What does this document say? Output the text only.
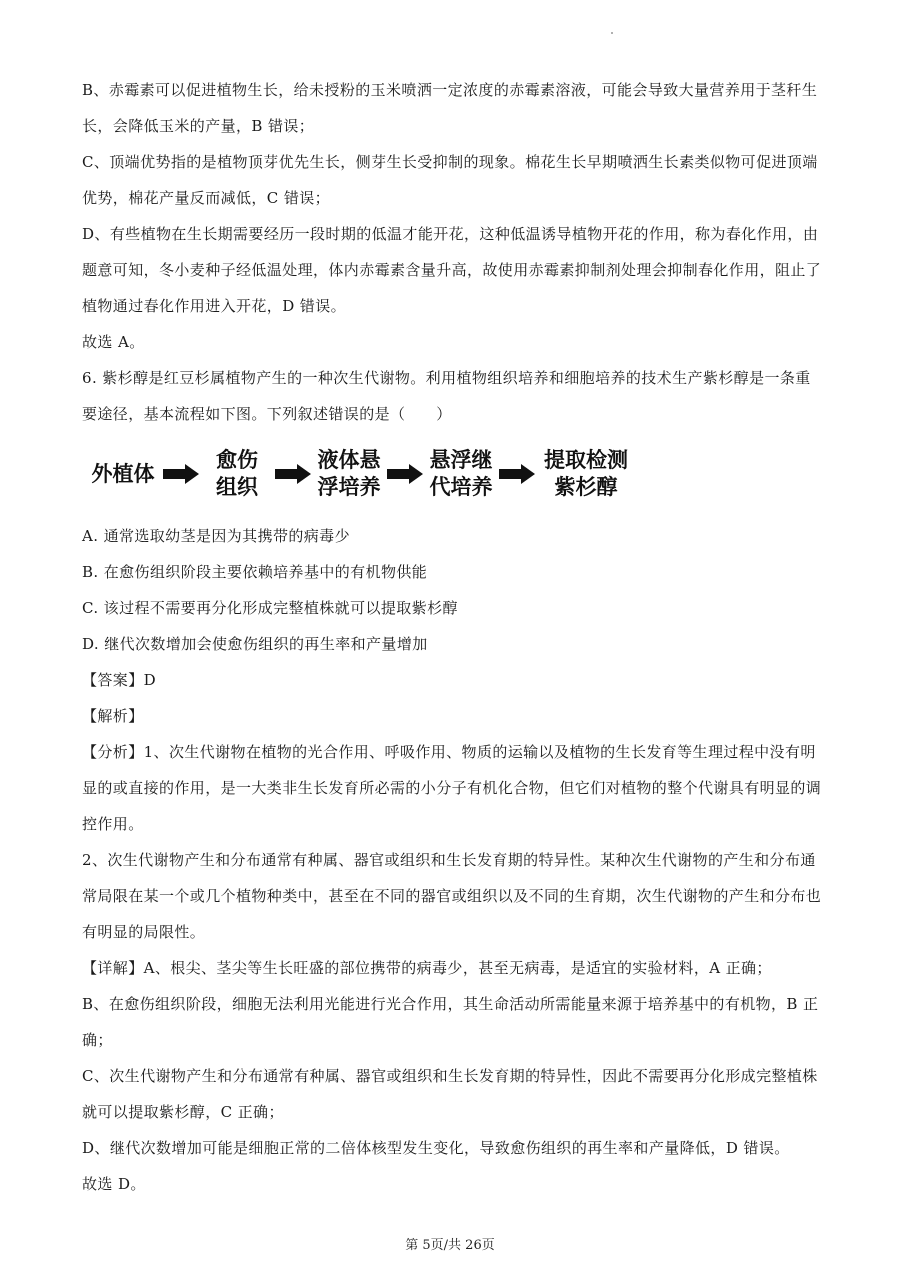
B、赤霉素可以促进植物生长，给未授粉的玉米喷洒一定浓度的赤霉素溶液，可能会导致大量营养用于茎秆生长，会降低玉米的产量，B 错误；

C、顶端优势指的是植物顶芽优先生长，侧芽生长受抑制的现象。棉花生长早期喷洒生长素类似物可促进顶端优势，棉花产量反而减低，C 错误；

D、有些植物在生长期需要经历一段时期的低温才能开花，这种低温诱导植物开花的作用，称为春化作用，由题意可知，冬小麦种子经低温处理，体内赤霉素含量升高，故使用赤霉素抑制剂处理会抑制春化作用，阻止了植物通过春化作用进入开花，D 错误。

故选 A。

6. 紫杉醇是红豆杉属植物产生的一种次生代谢物。利用植物组织培养和细胞培养的技术生产紫杉醇是一条重要途径，基本流程如下图。下列叙述错误的是（　　）

外植体
愈伤
组织
液体悬
浮培养
悬浮继
代培养
提取检测
紫杉醇

A. 通常选取幼茎是因为其携带的病毒少

B. 在愈伤组织阶段主要依赖培养基中的有机物供能

C. 该过程不需要再分化形成完整植株就可以提取紫杉醇

D. 继代次数增加会使愈伤组织的再生率和产量增加

【答案】D

【解析】

【分析】1、次生代谢物在植物的光合作用、呼吸作用、物质的运输以及植物的生长发育等生理过程中没有明显的或直接的作用，是一大类非生长发育所必需的小分子有机化合物，但它们对植物的整个代谢具有明显的调控作用。

2、次生代谢物产生和分布通常有种属、器官或组织和生长发育期的特异性。某种次生代谢物的产生和分布通常局限在某一个或几个植物种类中，甚至在不同的器官或组织以及不同的生育期，次生代谢物的产生和分布也有明显的局限性。

【详解】A、根尖、茎尖等生长旺盛的部位携带的病毒少，甚至无病毒，是适宜的实验材料，A 正确；

B、在愈伤组织阶段，细胞无法利用光能进行光合作用，其生命活动所需能量来源于培养基中的有机物，B 正确；

C、次生代谢物产生和分布通常有种属、器官或组织和生长发育期的特异性，因此不需要再分化形成完整植株就可以提取紫杉醇，C 正确；

D、继代次数增加可能是细胞正常的二倍体核型发生变化，导致愈伤组织的再生率和产量降低，D 错误。

故选 D。

第 5页/共 26页
